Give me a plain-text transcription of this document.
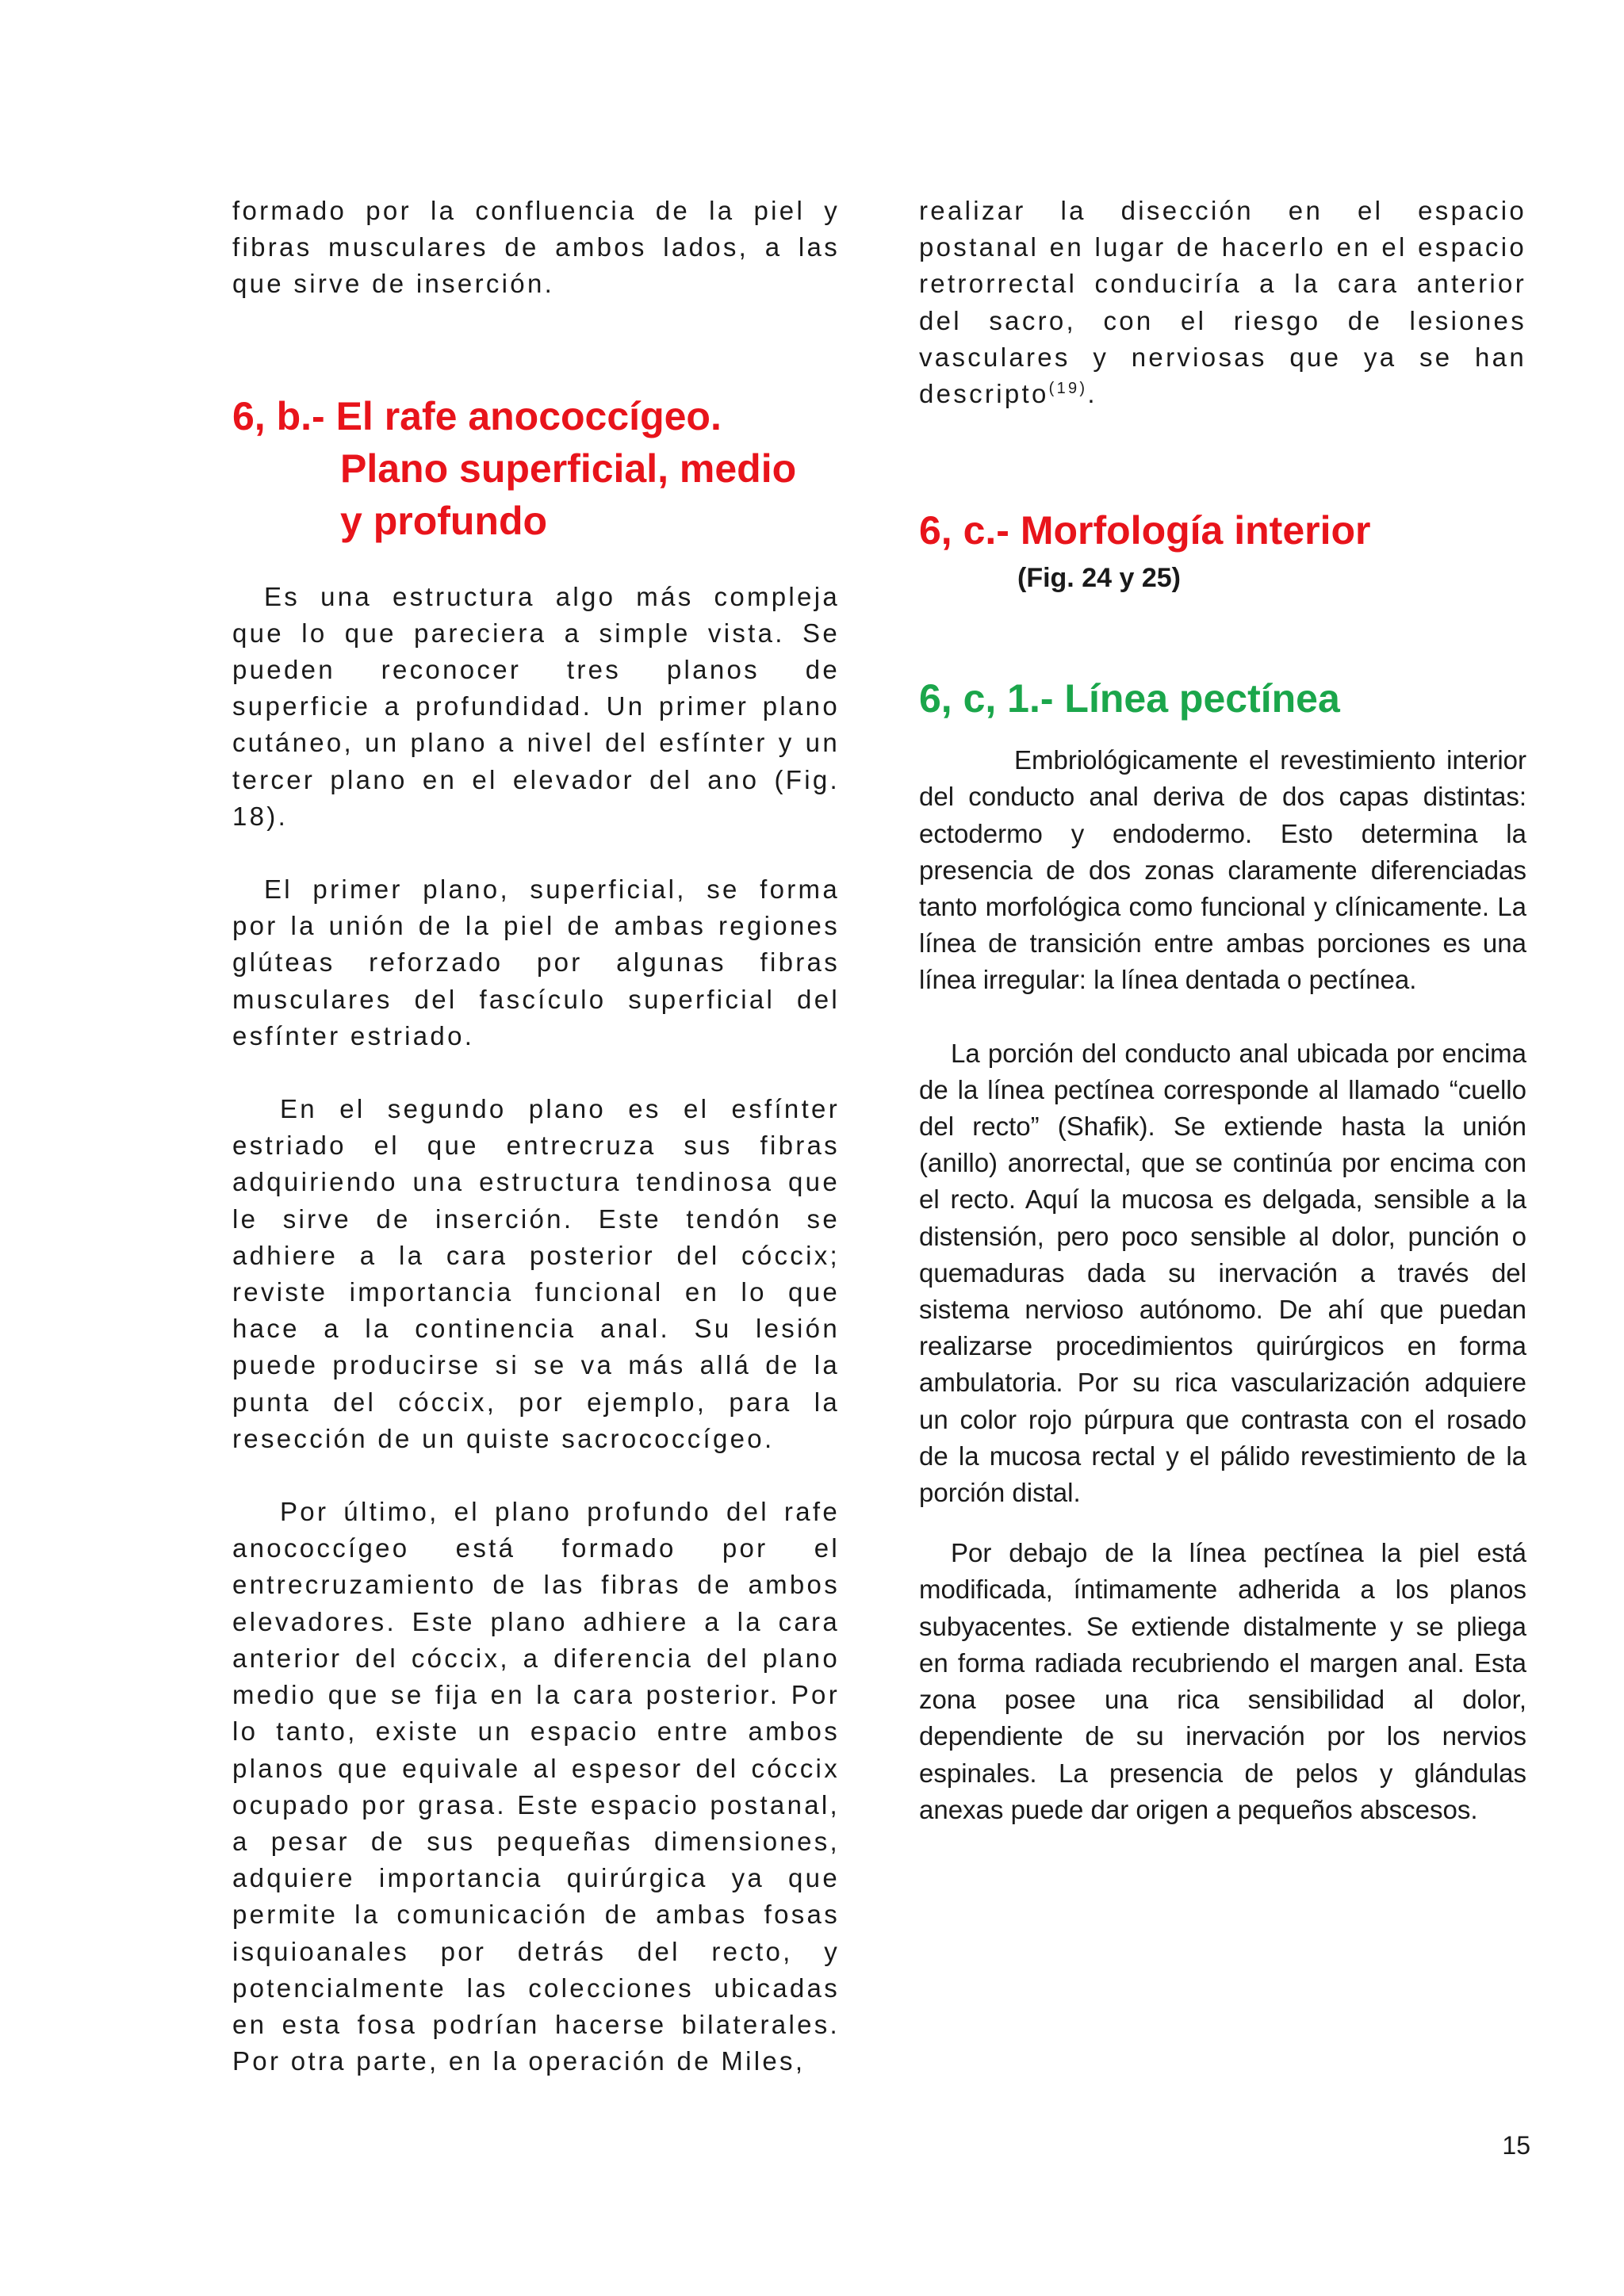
formado por la confluencia de la piel y fibras musculares de ambos lados, a las que sirve de inserción.

6, b.- El rafe anococcígeo.
Plano superficial, medio
y profundo

Es una estructura algo más compleja que lo que pareciera a simple vista. Se pueden reconocer tres planos de superficie a profundidad. Un primer plano cutáneo, un plano a nivel del esfínter y un tercer plano en el elevador del ano (Fig. 18).

El primer plano, superficial, se forma por la unión de la piel de ambas regiones glúteas reforzado por algunas fibras musculares del fascículo superficial del esfínter estriado.

En el segundo plano es el esfínter estriado el que entrecruza sus fibras adquiriendo una estructura tendinosa que le sirve de inserción. Este tendón se adhiere a la cara posterior del cóccix; reviste importancia funcional en lo que hace a la continencia anal. Su lesión puede producirse si se va más allá de la punta del cóccix, por ejemplo, para la resección de un quiste sacrococcígeo.

Por último, el plano profundo del rafe anococcígeo está formado por el entrecruzamiento de las fibras de ambos elevadores. Este plano adhiere a la cara anterior del cóccix, a diferencia del plano medio que se fija en la cara posterior. Por lo tanto, existe un espacio entre ambos planos que equivale al espesor del cóccix ocupado por grasa. Este espacio postanal, a pesar de sus pequeñas dimensiones, adquiere importancia quirúrgica ya que permite la comunicación de ambas fosas isquioanales por detrás del recto, y potencialmente las colecciones ubicadas en esta fosa podrían hacerse bilaterales. Por otra parte, en la operación de Miles,

realizar la disección en el espacio postanal en lugar de hacerlo en el espacio retrorrectal conduciría a la cara anterior del sacro, con el riesgo de lesiones vasculares y nerviosas que ya se han descripto$^{(19)}$.

6, c.- Morfología interior
(Fig. 24 y 25)
6, c, 1.- Línea pectínea

Embriológicamente el revestimiento interior del conducto anal deriva de dos capas distintas: ectodermo y endodermo. Esto determina la presencia de dos zonas claramente diferenciadas tanto morfológica como funcional y clínicamente. La línea de transición entre ambas porciones es una línea irregular: la línea dentada o pectínea.

La porción del conducto anal ubicada por encima de la línea pectínea corresponde al llamado “cuello del recto” (Shafik). Se extiende hasta la unión (anillo) anorrectal, que se continúa por encima con el recto. Aquí la mucosa es delgada, sensible a la distensión, pero poco sensible al dolor, punción o quemaduras dada su inervación a través del sistema nervioso autónomo. De ahí que puedan realizarse procedimientos quirúrgicos en forma ambulatoria. Por su rica vascularización adquiere un color rojo púrpura que contrasta con el rosado de la mucosa rectal y el pálido revestimiento de la porción distal.

Por debajo de la línea pectínea la piel está modificada, íntimamente adherida a los planos subyacentes. Se extiende distalmente y se pliega en forma radiada recubriendo el margen anal. Esta zona posee una rica sensibilidad al dolor, dependiente de su inervación por los nervios espinales. La presencia de pelos y glándulas anexas puede dar origen a pequeños abscesos.

15
